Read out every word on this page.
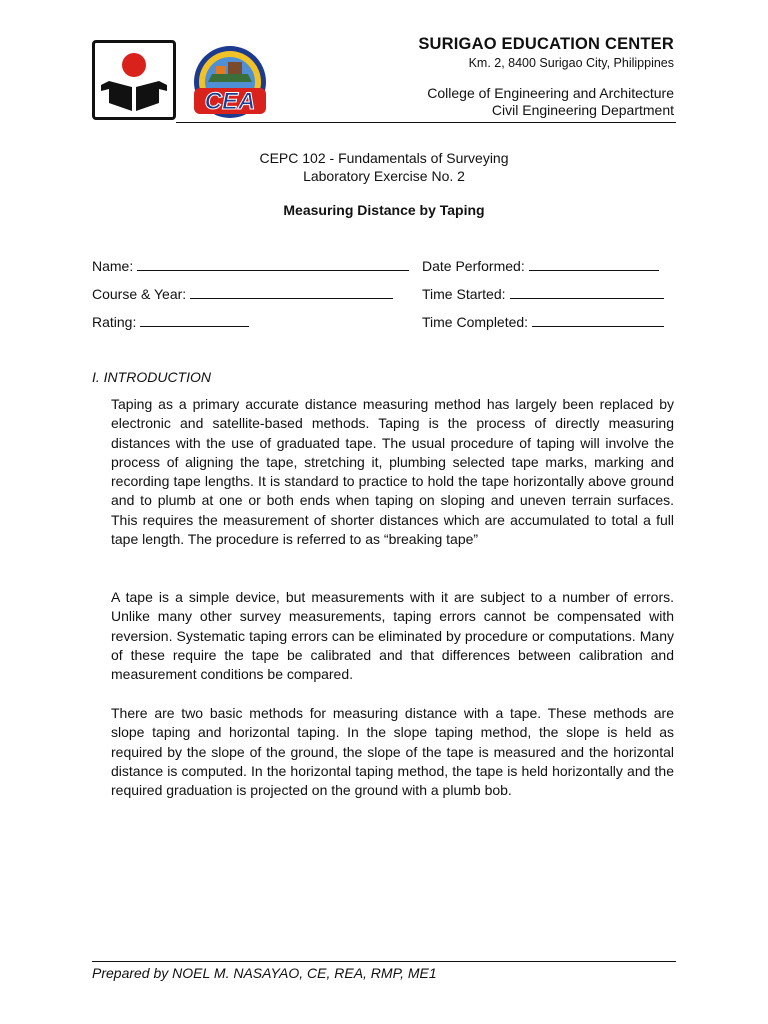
CEA
SURIGAO EDUCATION CENTER
Km. 2, 8400 Surigao City, Philippines
College of Engineering and Architecture
Civil Engineering Department
CEPC 102 - Fundamentals of Surveying
Laboratory Exercise No. 2
Measuring Distance by Taping
Name:	Date Performed:
Course & Year:	Time Started:
Rating:	Time Completed:
I. INTRODUCTION

Taping as a primary accurate distance measuring method has largely been replaced by electronic and satellite-based methods. Taping is the process of directly measuring distances with the use of graduated tape. The usual procedure of taping will involve the process of aligning the tape, stretching it, plumbing selected tape marks, marking and recording tape lengths. It is standard to practice to hold the tape horizontally above ground and to plumb at one or both ends when taping on sloping and uneven terrain surfaces. This requires the measurement of shorter distances which are accumulated to total a full tape length. The procedure is referred to as “breaking tape”

A tape is a simple device, but measurements with it are subject to a number of errors. Unlike many other survey measurements, taping errors cannot be compensated with reversion. Systematic taping errors can be eliminated by procedure or computations. Many of these require the tape be calibrated and that differences between calibration and measurement conditions be compared.

There are two basic methods for measuring distance with a tape. These methods are slope taping and horizontal taping. In the slope taping method, the slope is held as required by the slope of the ground, the slope of the tape is measured and the horizontal distance is computed. In the horizontal taping method, the tape is held horizontally and the required graduation is projected on the ground with a plumb bob.

Prepared by NOEL M. NASAYAO, CE, REA, RMP, ME1
